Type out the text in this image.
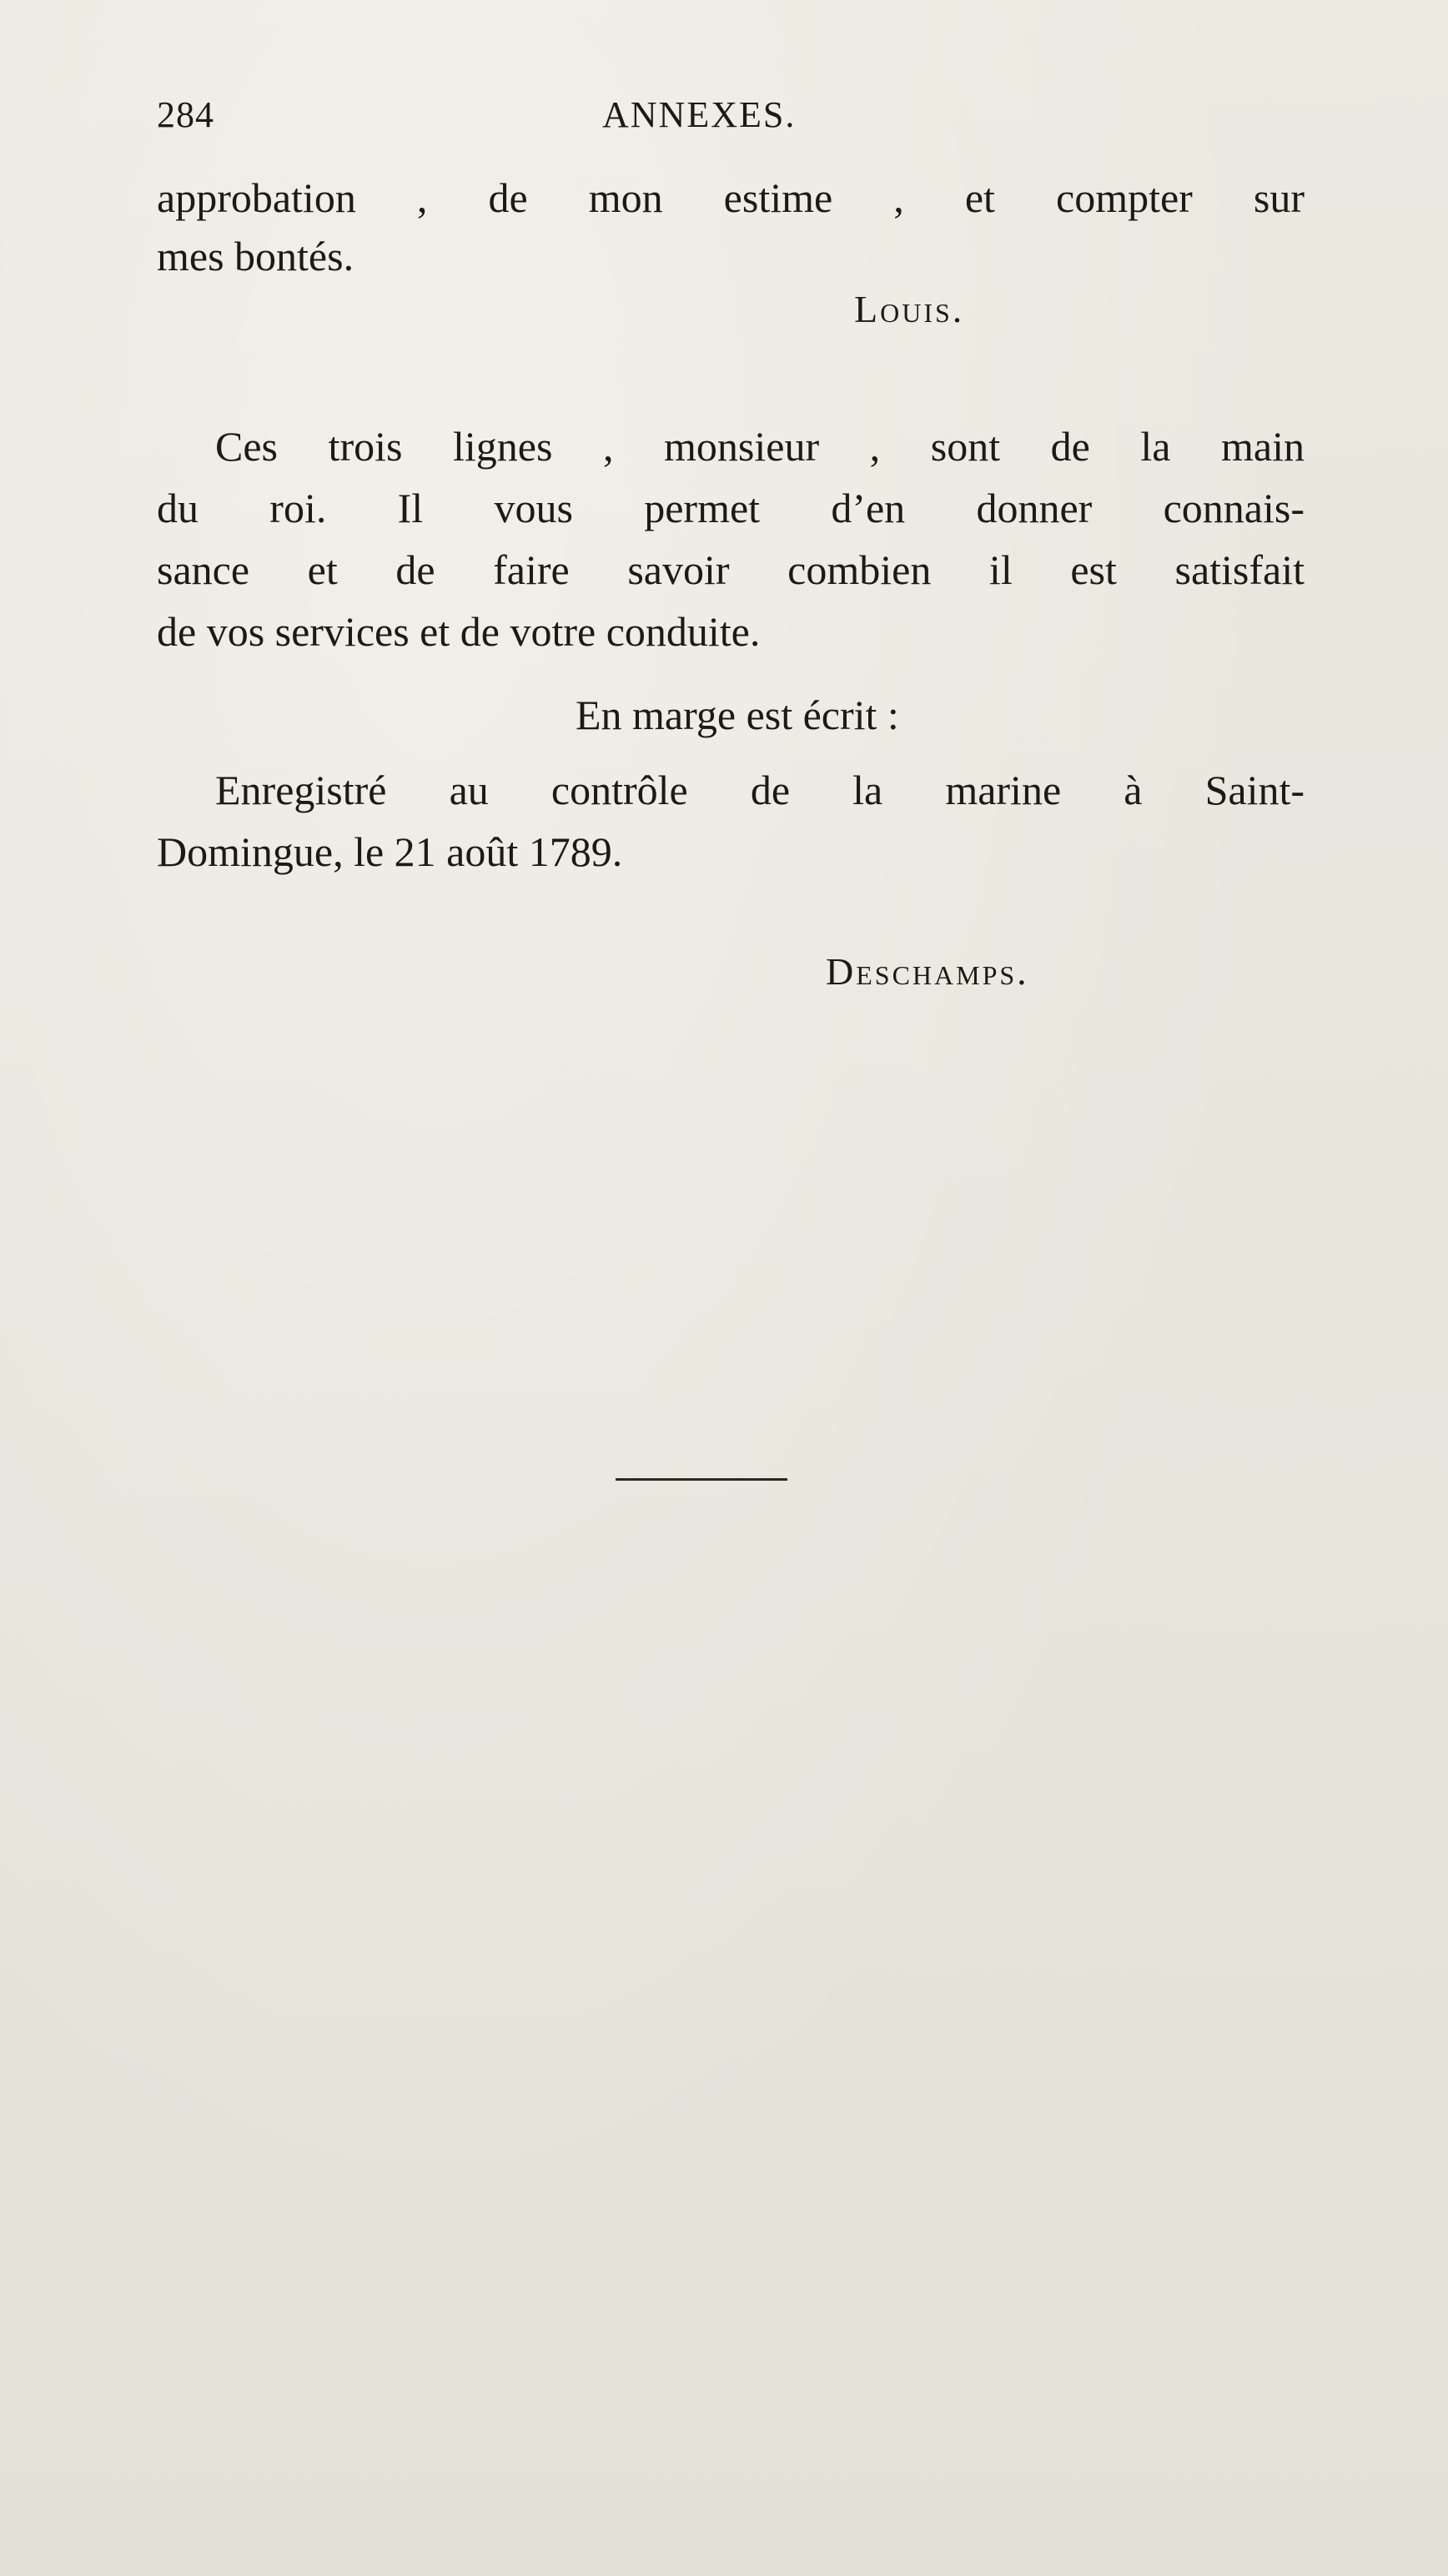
284	ANNEXES.
approbation , de mon estime , et compter sur
mes bontés.
Louis.
Ces trois lignes , monsieur , sont de la main
du roi. Il vous permet d’en donner connais-
sance et de faire savoir combien il est satisfait
de vos services et de votre conduite.
En marge est écrit :
Enregistré au contrôle de la marine à Saint-
Domingue, le 21 août 1789.
Deschamps.
